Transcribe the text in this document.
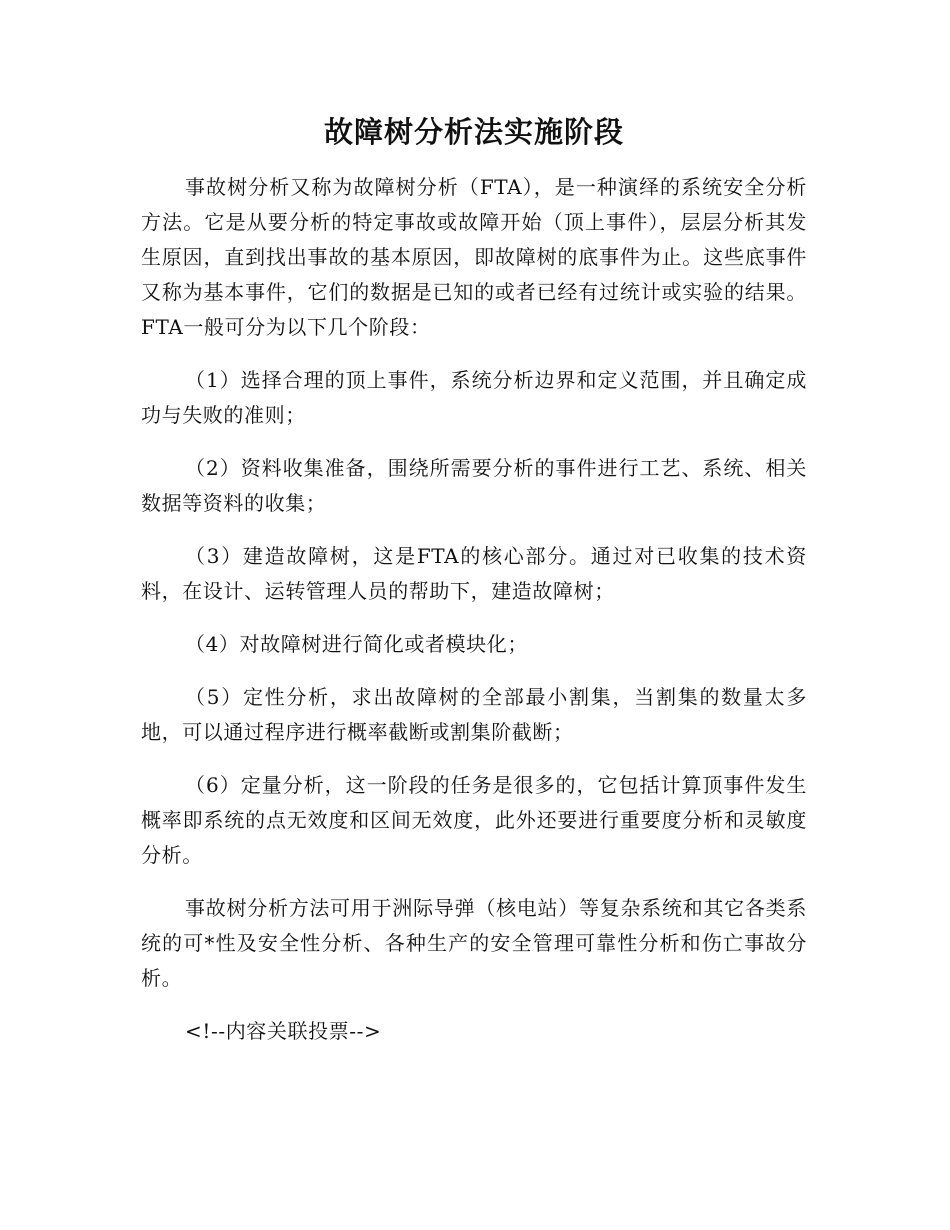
故障树分析法实施阶段

事故树分析又称为故障树分析（FTA），是一种演绎的系统安全分析方法。它是从要分析的特定事故或故障开始（顶上事件），层层分析其发生原因，直到找出事故的基本原因，即故障树的底事件为止。这些底事件又称为基本事件，它们的数据是已知的或者已经有过统计或实验的结果。FTA一般可分为以下几个阶段：

（1）选择合理的顶上事件，系统分析边界和定义范围，并且确定成功与失败的准则；

（2）资料收集准备，围绕所需要分析的事件进行工艺、系统、相关数据等资料的收集；

（3）建造故障树，这是FTA的核心部分。通过对已收集的技术资料，在设计、运转管理人员的帮助下，建造故障树；

（4）对故障树进行简化或者模块化；

（5）定性分析，求出故障树的全部最小割集，当割集的数量太多地，可以通过程序进行概率截断或割集阶截断；

（6）定量分析，这一阶段的任务是很多的，它包括计算顶事件发生概率即系统的点无效度和区间无效度，此外还要进行重要度分析和灵敏度分析。

事故树分析方法可用于洲际导弹（核电站）等复杂系统和其它各类系统的可*性及安全性分析、各种生产的安全管理可靠性分析和伤亡事故分析。

<!--内容关联投票-->
